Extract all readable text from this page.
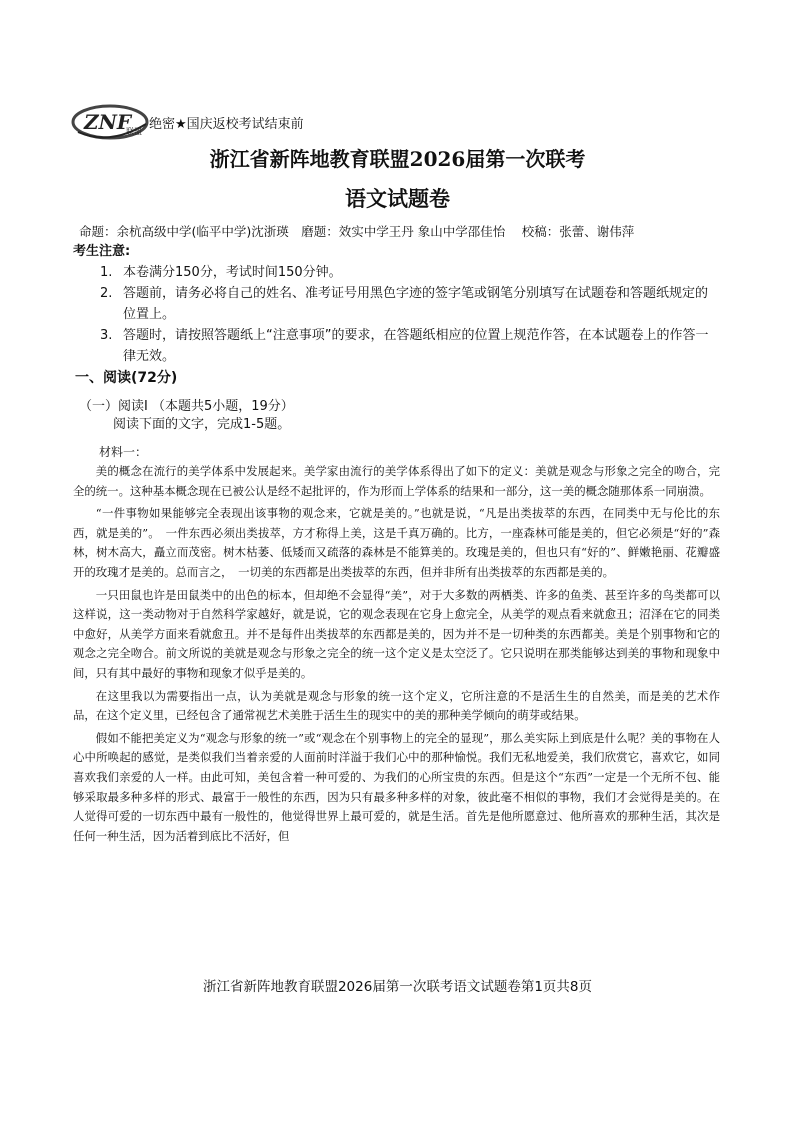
ZNF
联盟 绝密★国庆返校考试结束前
浙江省新阵地教育联盟2026届第一次联考
语文试题卷
命题：余杭高级中学(临平中学)沈浙瑛　磨题：效实中学王丹 象山中学邵佳怡　 校稿：张蕾、谢伟萍
考生注意:
1. 本卷满分150分，考试时间150分钟。
2. 答题前，请务必将自己的姓名、准考证号用黑色字迹的签字笔或钢笔分别填写在试题卷和答题纸规定的位置上。
3. 答题时，请按照答题纸上“注意事项”的要求，在答题纸相应的位置上规范作答，在本试题卷上的作答一律无效。
一、阅读(72分)
（一）阅读I （本题共5小题，19分）
阅读下面的文字，完成1-5题。
材料一：

美的概念在流行的美学体系中发展起来。美学家由流行的美学体系得出了如下的定义：美就是观念与形象之完全的吻合，完全的统一。这种基本概念现在已被公认是经不起批评的，作为形而上学体系的结果和一部分，这一美的概念随那体系一同崩溃。

“一件事物如果能够完全表现出该事物的观念来，它就是美的。”也就是说，“凡是出类拔萃的东西，在同类中无与伦比的东西，就是美的”。　一件东西必须出类拔萃，方才称得上美，这是千真万确的。比方，一座森林可能是美的，但它必须是“好的”森林，树木高大，矗立而茂密。树木枯萎、低矮而又疏落的森林是不能算美的。玫瑰是美的，但也只有“好的”、鲜嫩艳丽、花瓣盛开的玫瑰才是美的。总而言之，　一切美的东西都是出类拔萃的东西，但并非所有出类拔萃的东西都是美的。

一只田鼠也许是田鼠类中的出色的标本，但却绝不会显得“美”，对于大多数的两栖类、许多的鱼类、甚至许多的鸟类都可以这样说，这一类动物对于自然科学家越好，就是说，它的观念表现在它身上愈完全，从美学的观点看来就愈丑；沼泽在它的同类中愈好，从美学方面来看就愈丑。并不是每件出类拔萃的东西都是美的，因为并不是一切种类的东西都美。美是个别事物和它的观念之完全吻合。前文所说的美就是观念与形象之完全的统一这个定义是太空泛了。它只说明在那类能够达到美的事物和现象中间，只有其中最好的事物和现象才似乎是美的。

在这里我以为需要指出一点，认为美就是观念与形象的统一这个定义，它所注意的不是活生生的自然美，而是美的艺术作品，在这个定义里，已经包含了通常视艺术美胜于活生生的现实中的美的那种美学倾向的萌芽或结果。

假如不能把美定义为“观念与形象的统一”或“观念在个别事物上的完全的显现”，那么美实际上到底是什么呢？美的事物在人心中所唤起的感觉，是类似我们当着亲爱的人面前时洋溢于我们心中的那种愉悦。我们无私地爱美，我们欣赏它，喜欢它，如同喜欢我们亲爱的人一样。由此可知，美包含着一种可爱的、为我们的心所宝贵的东西。但是这个“东西”一定是一个无所不包、能够采取最多种多样的形式、最富于一般性的东西，因为只有最多种多样的对象，彼此毫不相似的事物，我们才会觉得是美的。在人觉得可爱的一切东西中最有一般性的，他觉得世界上最可爱的，就是生活。首先是他所愿意过、他所喜欢的那种生活，其次是任何一种生活，因为活着到底比不活好，但

浙江省新阵地教育联盟2026届第一次联考语文试题卷第1页共8页
